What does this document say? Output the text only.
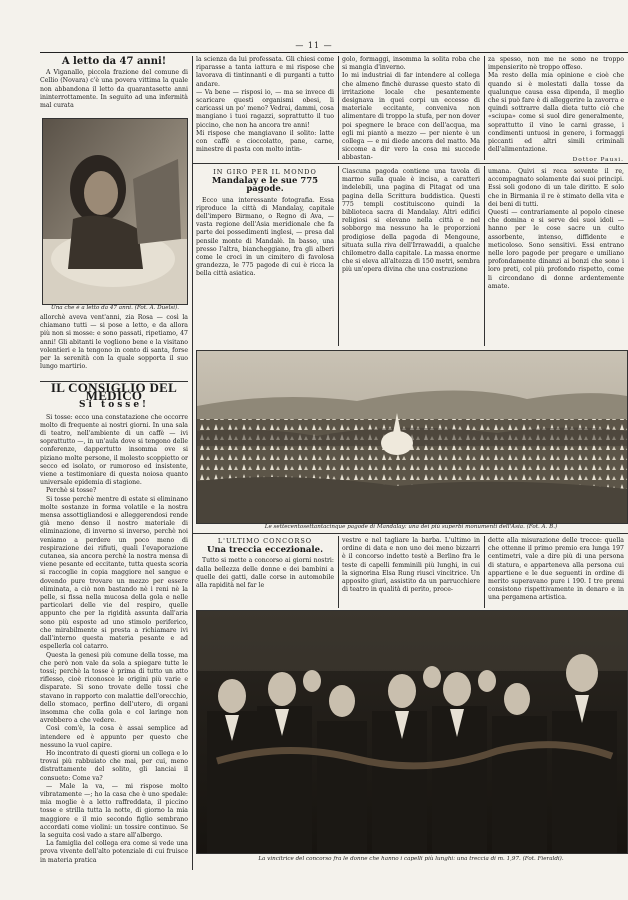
— 11 —
A letto da 47 anni!

A Viganallo, piccola frazione del comune di Cellio (Novara) c'è una povera vittima la quale non abbandona il letto da quarantasette anni ininterrottamente. In seguito ad una infermità mal curata

Una che è a letto da 47 anni. (Fot. A. Duelsi).

allorchè aveva vent'anni, zia Rosa — così la chiamano tutti — si pose a letto, e da allora più non si mosse: e sono passati, ripetiamo, 47 anni! Gli abitanti le vogliono bene e la visitano volentieri e la tengono in conto di santa, forse per la serenità con la quale sopporta il suo lungo martirio.

IL CONSIGLIO DEL MEDICO
Si tosse!

Si tosse: ecco una constatazione che occorre molto di frequente ai nostri giorni. In una sala di teatro, nell'ambiente di un caffè — ivi soprattutto —, in un'aula dove si tengono delle conferenze, dappertutto insomma ove si piziano molte persone, il molesto scoppietto or secco ed isolato, or rumoroso ed insistente, viene a testimoniare di questa noiosa quanto universale epidemia di stagione.

Perchè si tosse?

Si tosse perchè mentre di estate si eliminano molte sostanze in forma volatile e la nostra mensa assottigliandosi e alleggerendosi rende già meno denso il nostro materiale di eliminazione, di inverno si inverso, perchè noi veniamo a perdere un poco meno di respirazione dei rifiuti, quali l'evaporazione cutanea, sia ancora perchè la nostra mensa di viene pesante ed eccitante, tutta questa scoria si raccoglie in copia maggiore nel sangue e dovendo pure trovare un mezzo per essere eliminata, a ciò non bastando nè i reni nè la pelle, si fissa nella mucosa della gola e nelle particolari delle vie del respiro, quelle appunto che per la rigidità assunta dall'aria sono più esposte ad uno stimolo periferico, che mirabilmente si presta a richiamare ivi dall'interno questa materia pesante e ad espellerla col catarro.

Questa la genesi più comune della tosse, ma che però non vale da sola a spiegare tutte le tossi; perchè la tosse è prima di tutto un atto riflesso, cioè riconosce le origini più varie e disparate. Si sono trovate delle tossi che stavano in rapporto con malattie dell'orecchio, dello stomaco, perfino dell'utero, di organi insomma che colla gola e col laringe non avrebbero a che vedere.

Così com'è, la cosa è assai semplice ad intendere ed è appunto per questo che nessuno la vuol capire.

Ho incontrato di questi giorni un collega e lo trovai più rabbuiato che mai, per cui, meno distrattamente del solito, gli lanciai il consueto: Come va?

— Male la va, — mi rispose molto vibratamente —; ho la casa che è uno spedale: mia moglie è a letto raffreddata, il piccino tosse e strilla tutta la notte, di giorno la mia maggiore e il mio secondo figlio sembrano accordati come violini: un tossire continuo. Se la seguita così vado a stare all'albergo.

La famiglia del collega era come si vede una prova vivente dell'alto potenziale di cui fruisce in materia pratica

la scienza da lui professata. Gli chiesi come riparasse a tanta iattura e mi rispose che lavorava di tintinnanti e di purganti a tutto andare.
— Va bene — risposi io, — ma se invece di scaricare questi organismi obesi, li caricassi un po' meno? Vedrai, dammi, cosa mangiano i tuoi ragazzi, soprattutto il tuo piccino, che non ha ancora tre anni!
Mi rispose che mangiavano il solito: latte con caffè e cioccolatto, pane, carne, minestre di pasta con molto intin-
golo, formaggi, insomma la solita roba che si mangia d'inverno.
Io mi industriai di far intendere al collega che almeno finchè durasse questo stato di irritazione locale che pesantemente designava in quei corpi un eccesso di materiale eccitante, conveniva non alimentare di troppo la stufa, per non dover poi spegnere le brace con dell'acqua, ma egli mi piantò a mezzo — per niente è un collega — e mi diede ancora del matto. Ma siccome a dir vero la cosa mi succede abbastan-
za spesso, non me ne sono ne troppo impensierito nè troppo offeso.
Ma resto della mia opinione e cioè che quando si è molestati dalla tosse da qualunque causa essa dipenda, il meglio che si può fare è di alleggerire la zavorra e quindi sottrarre dalla dieta tutto ciò che «sciupa» come si suol dire generalmente, soprattutto il vino le carni grasse, i condimenti untuosi in genere, i formaggi piccanti ed altri simili criminali dell'alimentazione.
Dottor Pausi.
IN GIRO PER IL MONDO
Mandalay e le sue 775 pagode.

Ecco una interessante fotografia. Essa riproduce la città di Mandalay, capitale dell'impero Birmano, o Regno di Ava, — vasta regione dell'Asia meridionale che fa parte dei possedimenti inglesi, — presa dal pensile monte di Mandalè. In basso, una presso l'altra, biancheggiano, fra gli alberi come le croci in un cimitero di favolosa grandezza, le 775 pagode di cui è ricca la bella città asiatica.

Ciascuna pagoda contiene una tavola di marmo sulla quale è incisa, a caratteri indelebili, una pagina di Pitagat od una pagina della Scrittura buddistica. Questi 775 templi costituiscono quindi la biblioteca sacra di Mandalay. Altri edifici religiosi si elevano nella città e nel sobborgo ma nessuno ha le proporzioni prodigiose della pagoda di Mengoune, situata sulla riva dell'Irrawaddi, a qualche chilometro dalla capitale. La massa enorme che si eleva all'altezza di 150 metri, sembra più un'opera divina che una costruzione

umana. Quivi si reca sovente il re, accompagnato solamente dai suoi principi. Essi soli godono di un tale diritto. E solo che in Birmania il re è stimato della vita e dei beni di tutti.
Questi — contrariamente al popolo cinese che domina e si serve dei suoi idoli — hanno per le cose sacre un culto assorbente, intenso, diffidente e meticoloso. Sono sensitivi. Essi entrano nelle loro pagode per pregare e umiliano profondamente dinanzi ai bonzi che sono i loro preti, col più profondo rispetto, come li circondano di donne ardentemente amate.
Le settecentosettantacinque pagode di Mandalay: una dei più superbi monumenti dell'Asia. (Fot. A. B.)
L'ULTIMO CONCORSO
Una treccia eccezionale.

Tutto si mette a concorso ai giorni nostri: dalla bellezza delle donne e dei bambini a quelle dei gatti, dalle corse in automobile alla rapidità nel far le

vestre e nel tagliare la barba. L'ultimo in ordine di data e non uno dei meno bizzarri è il concorso indetto testè a Berlino fra le teste di capelli femminili più lunghi, in cui la signorina Elsa Rung riuscì vincitrice. Un apposito giurì, assistito da un parrucchiere di teatro in qualità di perito, proce-

dette alla misurazione delle trecce: quella che ottenne il primo premio era lunga 197 centimetri, vale a dire più di una persona di statura, e apparteneva alla persona cui appartiene e le due seguenti in ordine di merito superavano pure i 190. I tre premi consistono rispettivamente in denaro e in una pergamena artistica.

La vincitrice del concorso fra le donne che hanno i capelli più lunghi: una treccia di m. 1,97. (Fot. Fieraldi).
